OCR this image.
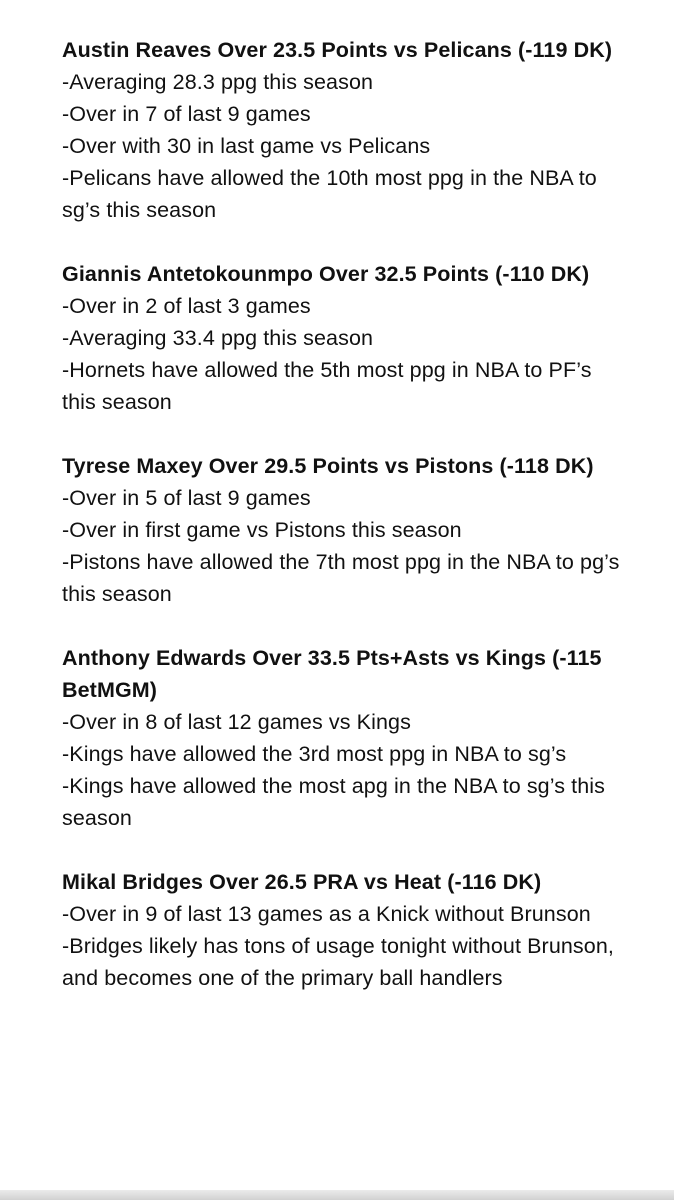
Austin Reaves Over 23.5 Points vs Pelicans (-119 DK)
-Averaging 28.3 ppg this season
-Over in 7 of last 9 games
-Over with 30 in last game vs Pelicans
-Pelicans have allowed the 10th most ppg in the NBA to sg’s this season
Giannis Antetokounmpo Over 32.5 Points (-110 DK)
-Over in 2 of last 3 games
-Averaging 33.4 ppg this season
-Hornets have allowed the 5th most ppg in NBA to PF’s this season
Tyrese Maxey Over 29.5 Points vs Pistons (-118 DK)
-Over in 5 of last 9 games
-Over in first game vs Pistons this season
-Pistons have allowed the 7th most ppg in the NBA to pg’s this season
Anthony Edwards Over 33.5 Pts+Asts vs Kings (-115 BetMGM)
-Over in 8 of last 12 games vs Kings
-Kings have allowed the 3rd most ppg in NBA to sg’s
-Kings have allowed the most apg in the NBA to sg’s this season
Mikal Bridges Over 26.5 PRA vs Heat (-116 DK)
-Over in 9 of last 13 games as a Knick without Brunson
-Bridges likely has tons of usage tonight without Brunson, and becomes one of the primary ball handlers
